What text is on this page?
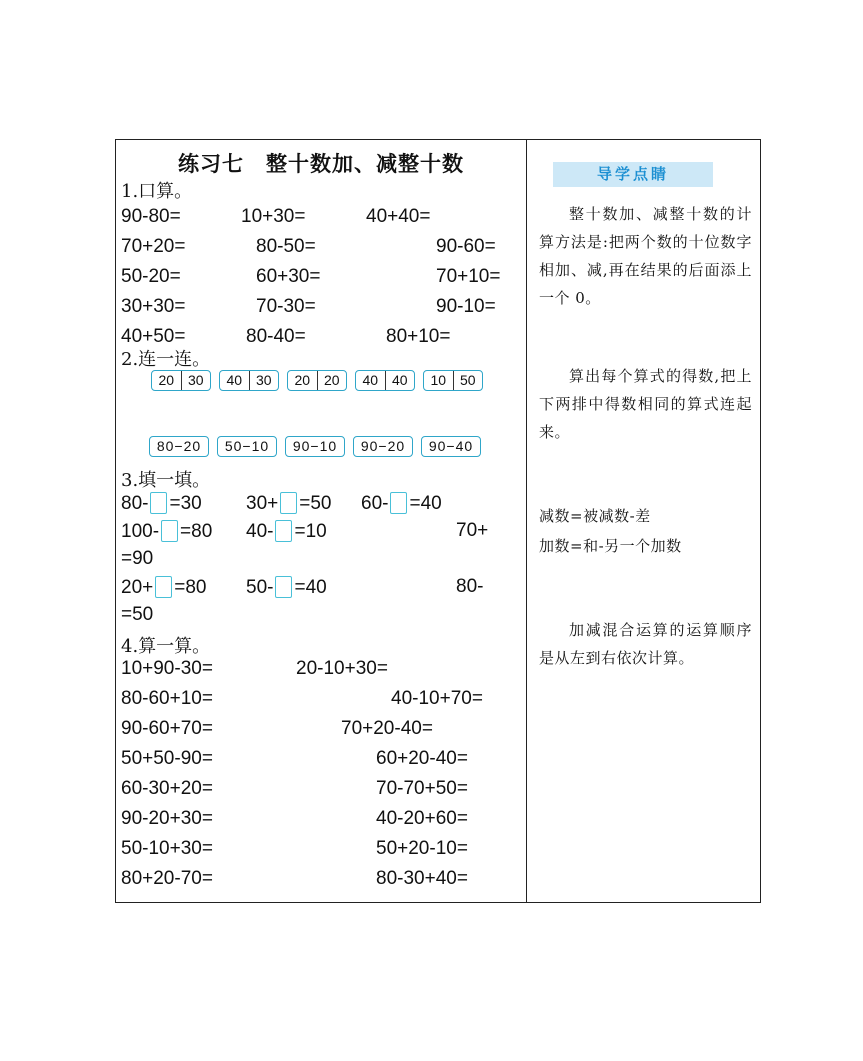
练习七　整十数加、减整十数
1.口算。
90-80=	10+30=	40+40=
70+20=	80-50=	90-60=
50-20=	60+30=	70+10=
30+30=	70-30=	90-10=
40+50=	80-40=	80+10=
2.连一连。
20 30	40 30	20 20	40 40	10 50
80−20	50−10	90−10	90−20	90−40
3.填一填。
80- =30 30+ =50 60- =40
100- =80 40- =10	70+
=90
20+ =80 50- =40	80-
=50
4.算一算。
10+90-30=	20-10+30=
80-60+10=	40-10+70=
90-60+70=	70+20-40=
50+50-90=	60+20-40=
60-30+20=	70-70+50=
90-20+30=	40-20+60=
50-10+30=	50+20-10=
80+20-70=	80-30+40=
导学点睛
整十数加、减整十数的计算方法是:把两个数的十位数字相加、减,再在结果的后面添上一个 0。
算出每个算式的得数,把上下两排中得数相同的算式连起来。
减数=被减数-差
加数=和-另一个加数
加减混合运算的运算顺序是从左到右依次计算。
